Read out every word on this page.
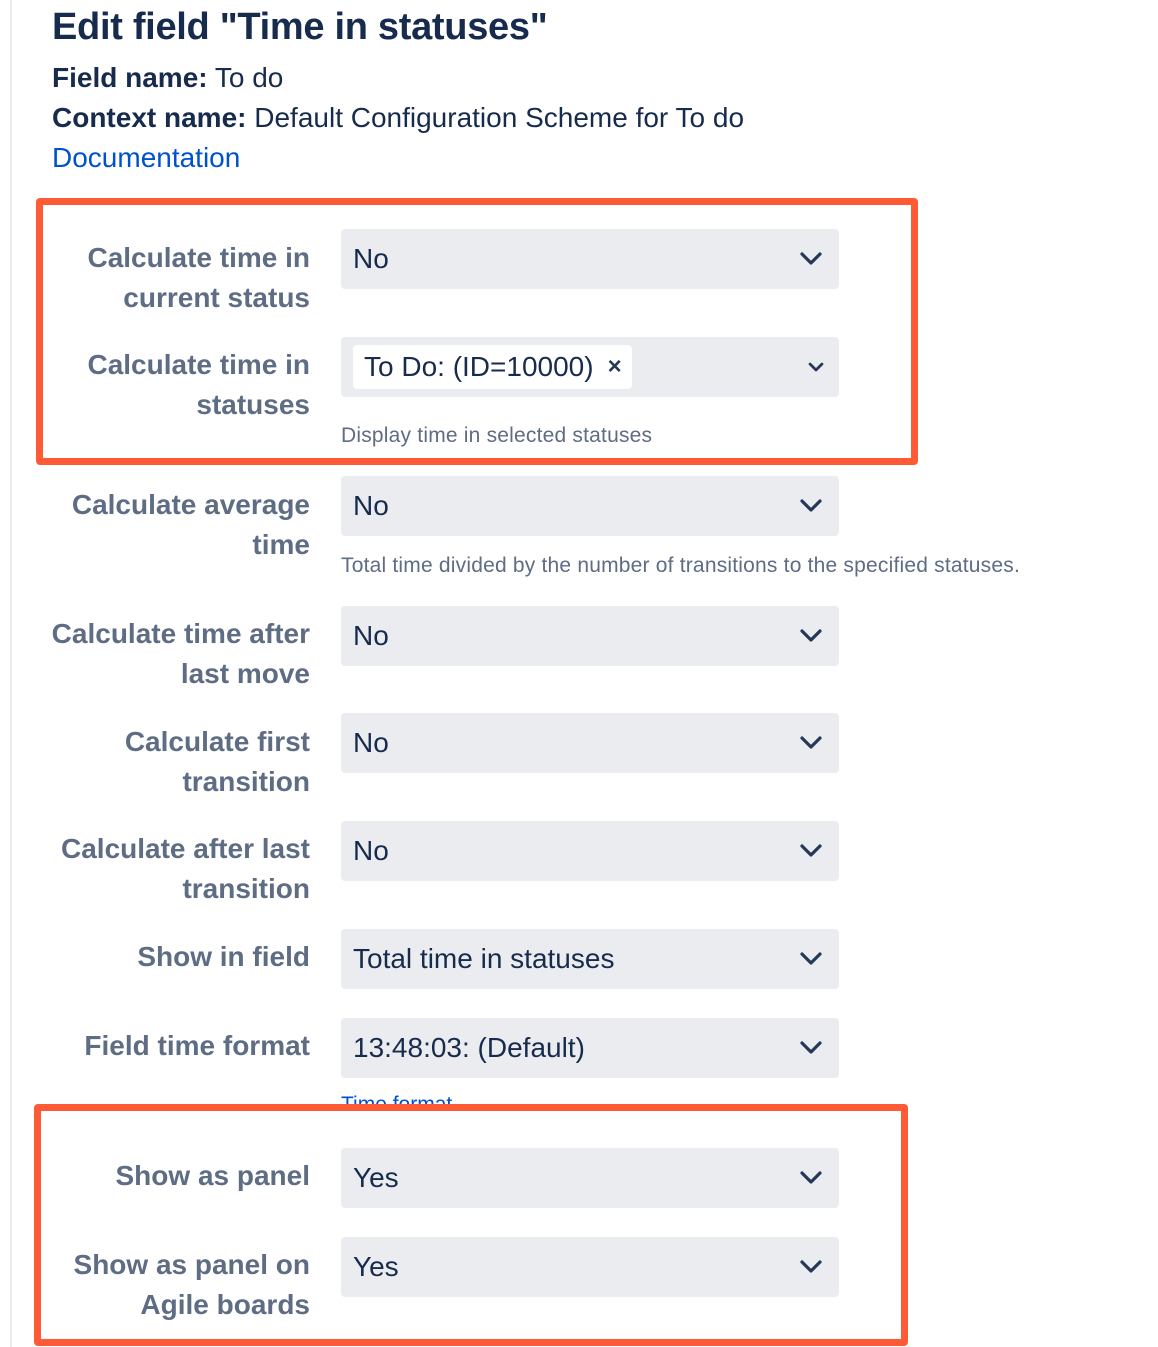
Edit field "Time in statuses"
Field name: To do
Context name: Default Configuration Scheme for To do
Documentation
Calculate time in
current status
No
Calculate time in
statuses
To Do: (ID=10000) ×
Display time in selected statuses
Calculate average
time
No
Total time divided by the number of transitions to the specified statuses.
Calculate time after
last move
No
Calculate first
transition
No
Calculate after last
transition
No
Show in field Total time in statuses
Field time format 13:48:03: (Default)
Time format
Show as panel Yes
Show as panel on
Agile boards
Yes
